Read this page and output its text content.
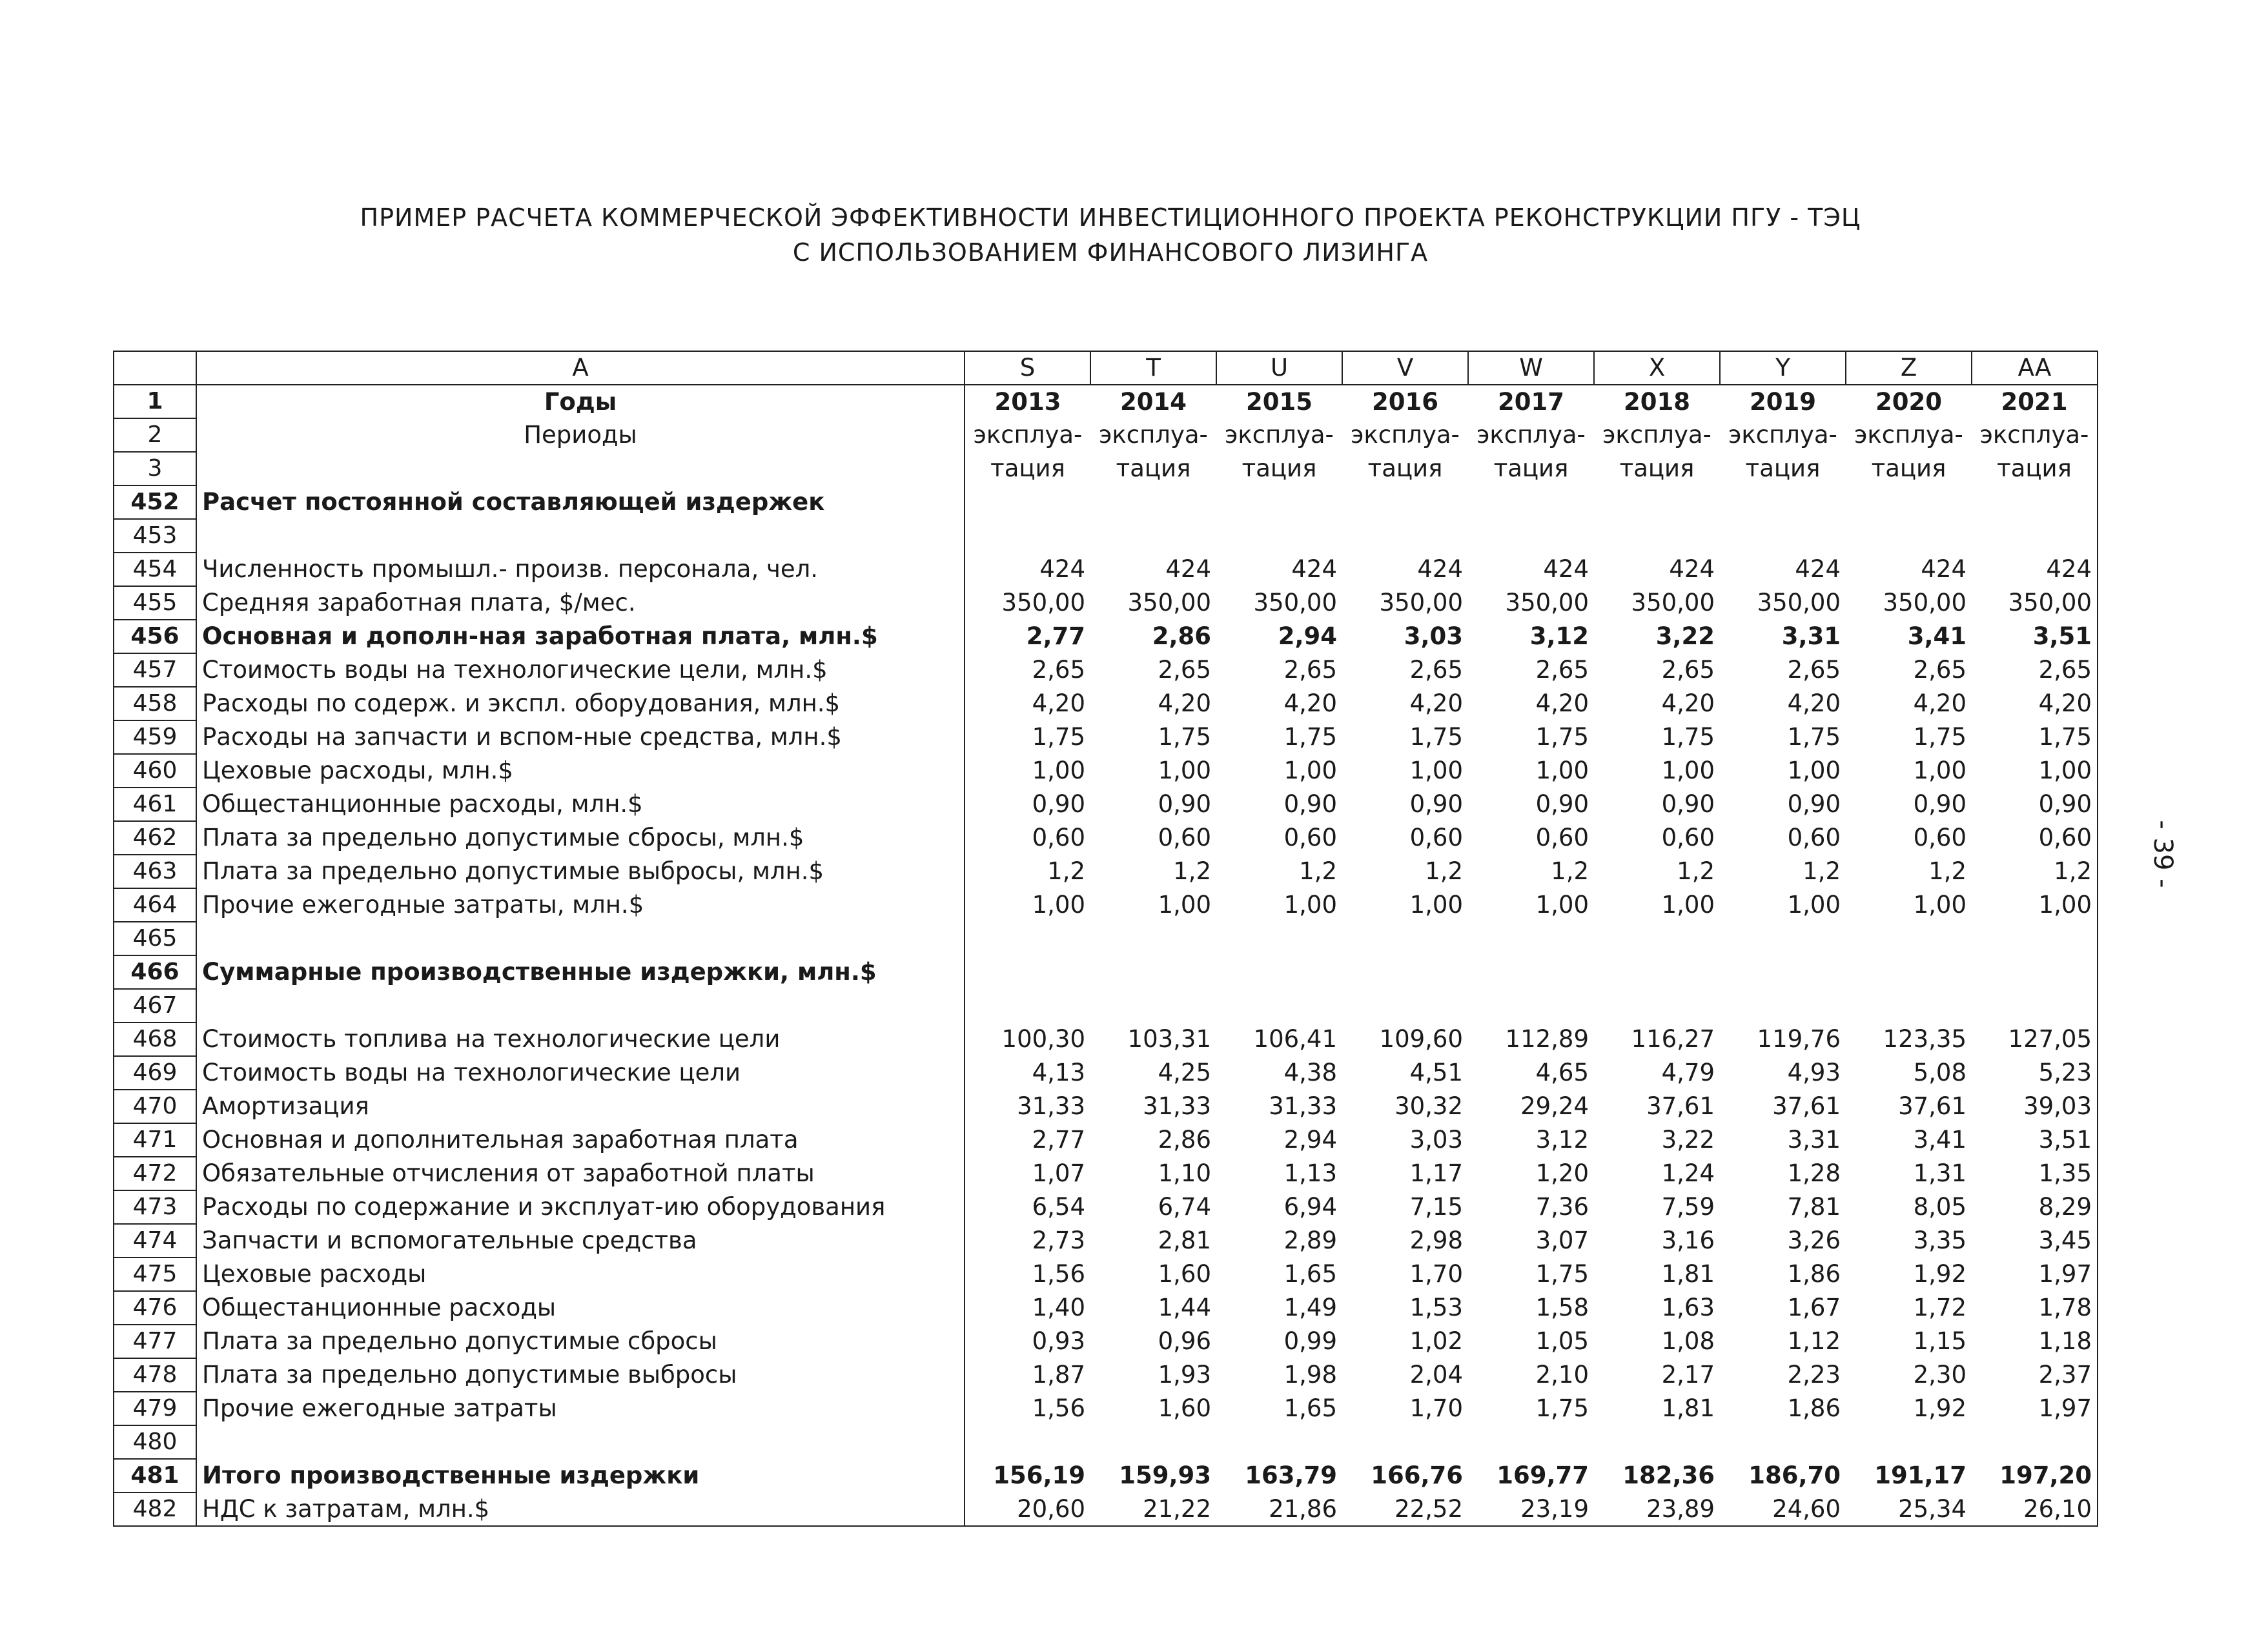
ПРИМЕР РАСЧЕТА КОММЕРЧЕСКОЙ ЭФФЕКТИВНОСТИ ИНВЕСТИЦИОННОГО ПРОЕКТА РЕКОНСТРУКЦИИ ПГУ - ТЭЦ
С ИСПОЛЬЗОВАНИЕМ ФИНАНСОВОГО ЛИЗИНГА
- 39 -
	A	S	T	U	V	W	X	Y	Z	AA
1	Годы	2013	2014	2015	2016	2017	2018	2019	2020	2021
2	Периоды	эксплуа-	эксплуа-	эксплуа-	эксплуа-	эксплуа-	эксплуа-	эксплуа-	эксплуа-	эксплуа-
3		тация	тация	тация	тация	тация	тация	тация	тация	тация
452	Расчет постоянной составляющей издержек									
453										
454	Численность промышл.- произв. персонала, чел.	424	424	424	424	424	424	424	424	424
455	Средняя заработная плата, $/мес.	350,00	350,00	350,00	350,00	350,00	350,00	350,00	350,00	350,00
456	Основная и дополн-ная заработная плата, млн.$	2,77	2,86	2,94	3,03	3,12	3,22	3,31	3,41	3,51
457	Стоимость воды на технологические цели, млн.$	2,65	2,65	2,65	2,65	2,65	2,65	2,65	2,65	2,65
458	Расходы по содерж. и экспл. оборудования, млн.$	4,20	4,20	4,20	4,20	4,20	4,20	4,20	4,20	4,20
459	Расходы на запчасти и вспом-ные средства, млн.$	1,75	1,75	1,75	1,75	1,75	1,75	1,75	1,75	1,75
460	Цеховые расходы, млн.$	1,00	1,00	1,00	1,00	1,00	1,00	1,00	1,00	1,00
461	Общестанционные расходы, млн.$	0,90	0,90	0,90	0,90	0,90	0,90	0,90	0,90	0,90
462	Плата за предельно допустимые сбросы, млн.$	0,60	0,60	0,60	0,60	0,60	0,60	0,60	0,60	0,60
463	Плата за предельно допустимые выбросы, млн.$	1,2	1,2	1,2	1,2	1,2	1,2	1,2	1,2	1,2
464	Прочие ежегодные затраты, млн.$	1,00	1,00	1,00	1,00	1,00	1,00	1,00	1,00	1,00
465										
466	Суммарные производственные издержки, млн.$									
467										
468	Стоимость топлива на технологические цели	100,30	103,31	106,41	109,60	112,89	116,27	119,76	123,35	127,05
469	Стоимость воды на технологические цели	4,13	4,25	4,38	4,51	4,65	4,79	4,93	5,08	5,23
470	Амортизация	31,33	31,33	31,33	30,32	29,24	37,61	37,61	37,61	39,03
471	Основная и дополнительная заработная плата	2,77	2,86	2,94	3,03	3,12	3,22	3,31	3,41	3,51
472	Обязательные отчисления от заработной платы	1,07	1,10	1,13	1,17	1,20	1,24	1,28	1,31	1,35
473	Расходы по содержание и эксплуат-ию оборудования	6,54	6,74	6,94	7,15	7,36	7,59	7,81	8,05	8,29
474	Запчасти и вспомогательные средства	2,73	2,81	2,89	2,98	3,07	3,16	3,26	3,35	3,45
475	Цеховые расходы	1,56	1,60	1,65	1,70	1,75	1,81	1,86	1,92	1,97
476	Общестанционные расходы	1,40	1,44	1,49	1,53	1,58	1,63	1,67	1,72	1,78
477	Плата за предельно допустимые сбросы	0,93	0,96	0,99	1,02	1,05	1,08	1,12	1,15	1,18
478	Плата за предельно допустимые выбросы	1,87	1,93	1,98	2,04	2,10	2,17	2,23	2,30	2,37
479	Прочие ежегодные затраты	1,56	1,60	1,65	1,70	1,75	1,81	1,86	1,92	1,97
480										
481	Итого производственные издержки	156,19	159,93	163,79	166,76	169,77	182,36	186,70	191,17	197,20
482	НДС к затратам, млн.$	20,60	21,22	21,86	22,52	23,19	23,89	24,60	25,34	26,10
